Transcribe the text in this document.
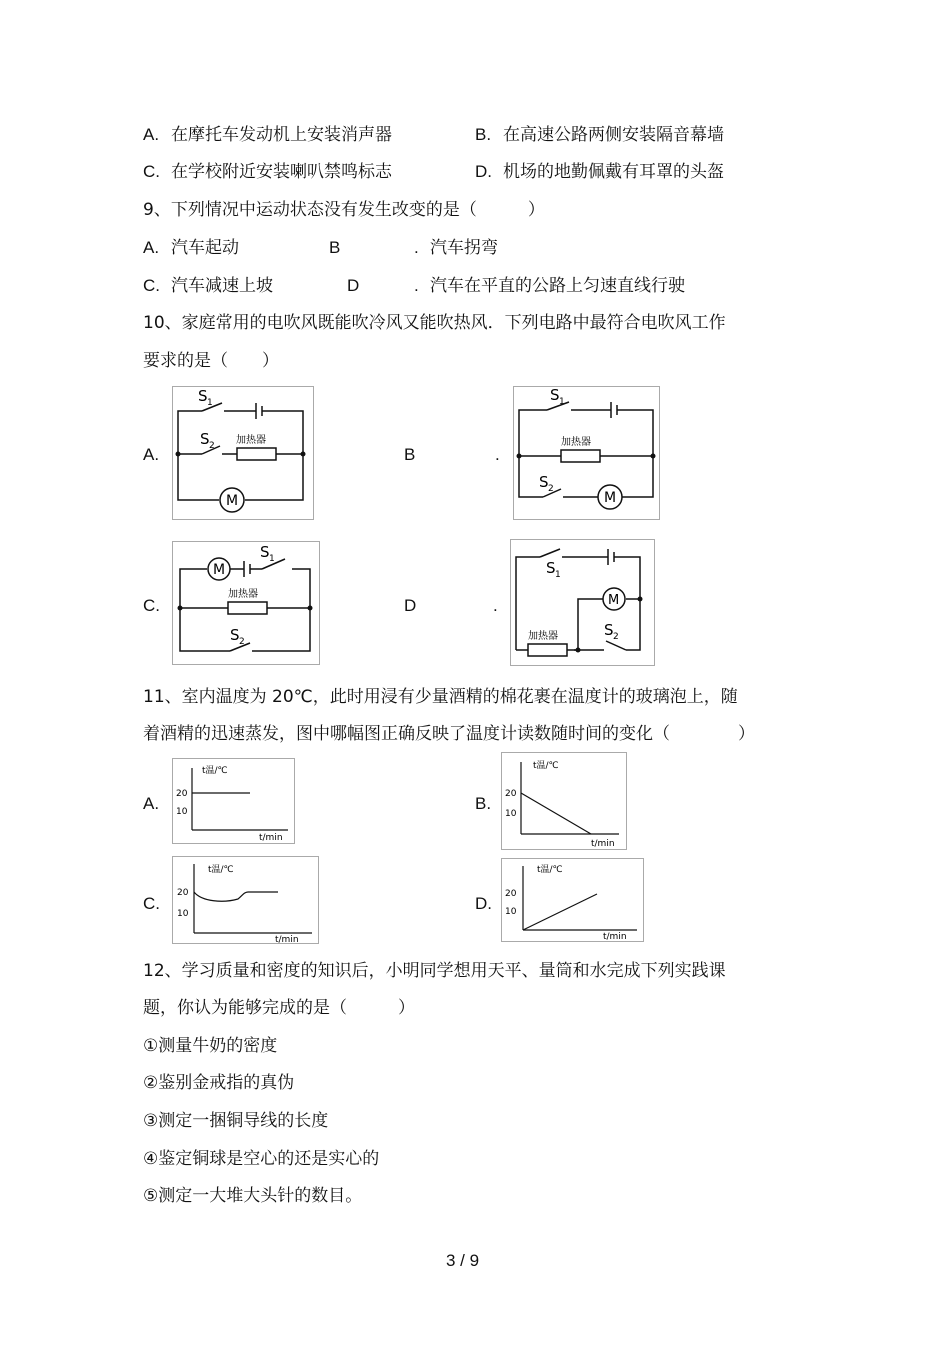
A. 在摩托车发动机上安装消声器	B. 在高速公路两侧安装隔音幕墙
C. 在学校附近安装喇叭禁鸣标志	D. 机场的地勤佩戴有耳罩的头盔
9、下列情况中运动状态没有发生改变的是（　　　）
A. 汽车起动	B	. 汽车拐弯
C. 汽车减速上坡	D	. 汽车在平直的公路上匀速直线行驶
10、家庭常用的电吹风既能吹冷风又能吹热风．下列电路中最符合电吹风工作
要求的是（　　）
A.	B	.
C.	D	.
S 1
S 2 加热器
M
S 1
加热器
S 2
M
M
S 1
加热器
S 2
S 1
M
加热器	S 2
11、室内温度为 20℃，此时用浸有少量酒精的棉花裹在温度计的玻璃泡上，随
着酒精的迅速蒸发，图中哪幅图正确反映了温度计读数随时间的变化（　　　　）
A.	B.
C.	D.
t温/℃
20
10
t/min
t温/℃
20
10
t/min
t温/℃
20
10
t/min
t温/℃
20
10
t/min
12、学习质量和密度的知识后，小明同学想用天平、量筒和水完成下列实践课
题，你认为能够完成的是（　　　）
①测量牛奶的密度
②鉴别金戒指的真伪
③测定一捆铜导线的长度
④鉴定铜球是空心的还是实心的
⑤测定一大堆大头针的数目。
3 / 9
